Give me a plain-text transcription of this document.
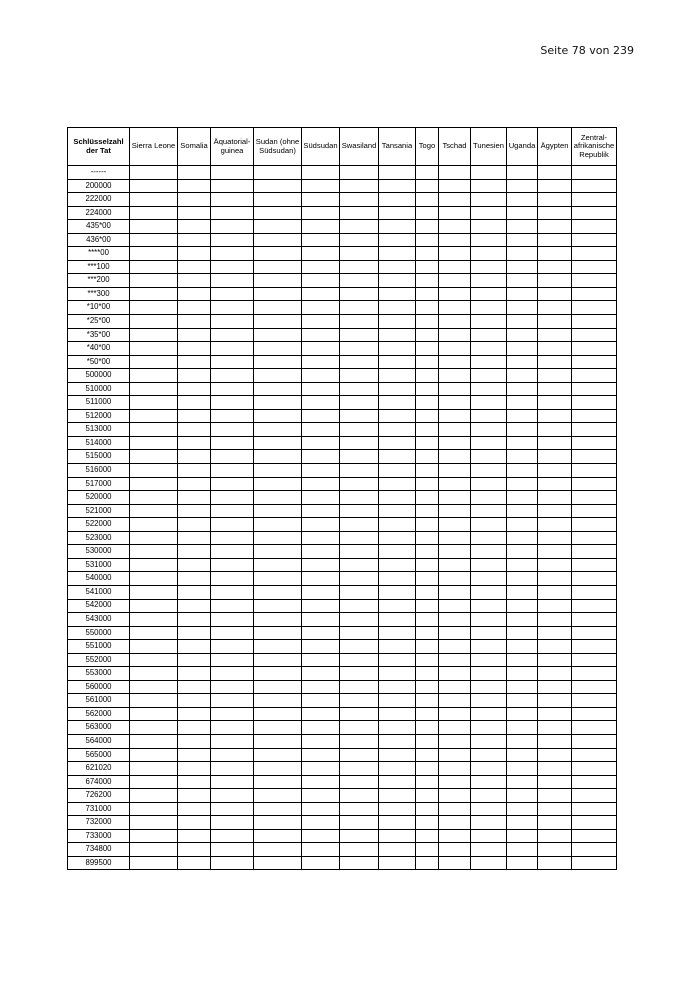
Seite 78 von 239
Schlüsselzahl der Tat	Sierra Leone	Somalia	Äquatorial-guinea	Sudan (ohne Südsudan)	Südsudan	Swasiland	Tansania	Togo	Tschad	Tunesien	Uganda	Ägypten	Zentral-afrikanische Republik
------													
200000													
222000													
224000													
435*00													
436*00													
****00													
***100													
***200													
***300													
*10*00													
*25*00													
*35*00													
*40*00													
*50*00													
500000													
510000													
511000													
512000													
513000													
514000													
515000													
516000													
517000													
520000													
521000													
522000													
523000													
530000													
531000													
540000													
541000													
542000													
543000													
550000													
551000													
552000													
553000													
560000													
561000													
562000													
563000													
564000													
565000													
621020													
674000													
726200													
731000													
732000													
733000													
734800													
899500													
